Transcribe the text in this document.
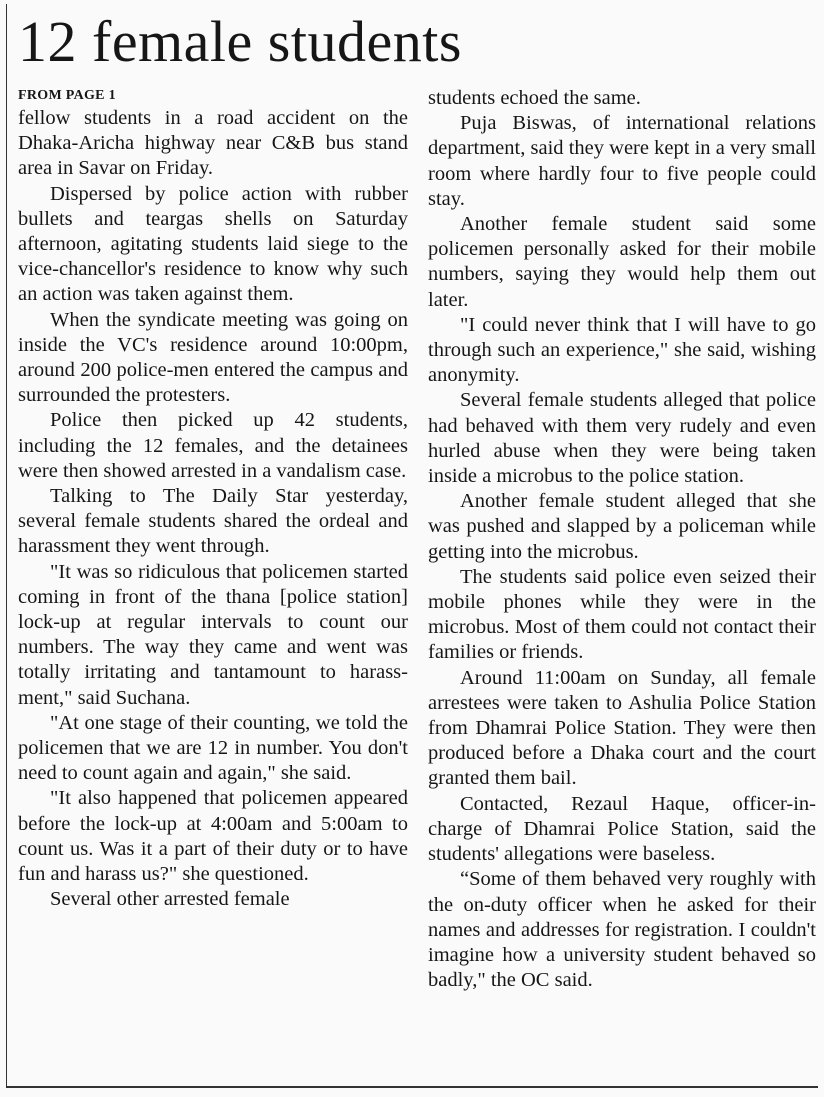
12 female students
FROM PAGE 1

fellow students in a road accident on the Dhaka-Aricha highway near C&B bus stand area in Savar on Friday.

Dispersed by police action with rubber bullets and teargas shells on Saturday afternoon, agitating students laid siege to the vice-chancellor's residence to know why such an action was taken against them.

When the syndicate meeting was going on inside the VC's residence around 10:00pm, around 200 police-men entered the campus and surrounded the protesters.

Police then picked up 42 students, including the 12 females, and the detainees were then showed arrested in a vandalism case.

Talking to The Daily Star yesterday, several female students shared the ordeal and harassment they went through.

"It was so ridiculous that policemen started coming in front of the thana [police station] lock-up at regular intervals to count our numbers. The way they came and went was totally irritating and tantamount to harass-ment," said Suchana.

"At one stage of their counting, we told the policemen that we are 12 in number. You don't need to count again and again," she said.

"It also happened that policemen appeared before the lock-up at 4:00am and 5:00am to count us. Was it a part of their duty or to have fun and harass us?" she questioned.

Several other arrested female

students echoed the same.

Puja Biswas, of international relations department, said they were kept in a very small room where hardly four to five people could stay.

Another female student said some policemen personally asked for their mobile numbers, saying they would help them out later.

"I could never think that I will have to go through such an experience," she said, wishing anonymity.

Several female students alleged that police had behaved with them very rudely and even hurled abuse when they were being taken inside a microbus to the police station.

Another female student alleged that she was pushed and slapped by a policeman while getting into the microbus.

The students said police even seized their mobile phones while they were in the microbus. Most of them could not contact their families or friends.

Around 11:00am on Sunday, all female arrestees were taken to Ashulia Police Station from Dhamrai Police Station. They were then produced before a Dhaka court and the court granted them bail.

Contacted, Rezaul Haque, officer-in-charge of Dhamrai Police Station, said the students' allegations were baseless.

“Some of them behaved very roughly with the on-duty officer when he asked for their names and addresses for registration. I couldn't imagine how a university student behaved so badly," the OC said.
